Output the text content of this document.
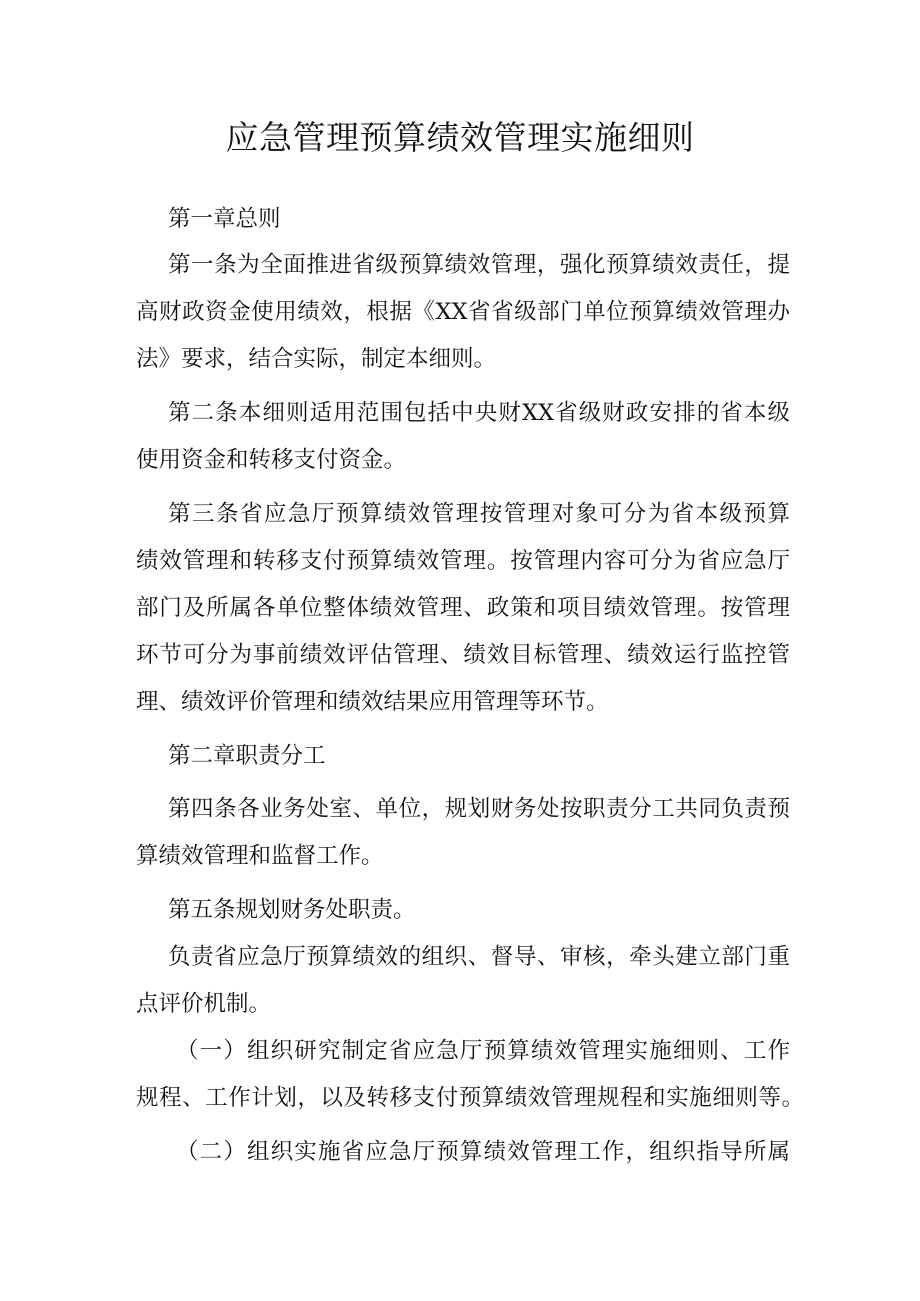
应急管理预算绩效管理实施细则
第一章总则
第一条为全面推进省级预算绩效管理，强化预算绩效责任，提
高财政资金使用绩效，根据《XX省省级部门单位预算绩效管理办
法》要求，结合实际，制定本细则。
第二条本细则适用范围包括中央财XX省级财政安排的省本级
使用资金和转移支付资金。
第三条省应急厅预算绩效管理按管理对象可分为省本级预算
绩效管理和转移支付预算绩效管理。按管理内容可分为省应急厅
部门及所属各单位整体绩效管理、政策和项目绩效管理。按管理
环节可分为事前绩效评估管理、绩效目标管理、绩效运行监控管
理、绩效评价管理和绩效结果应用管理等环节。
第二章职责分工
第四条各业务处室、单位，规划财务处按职责分工共同负责预
算绩效管理和监督工作。
第五条规划财务处职责。
负责省应急厅预算绩效的组织、督导、审核，牵头建立部门重
点评价机制。
（一）组织研究制定省应急厅预算绩效管理实施细则、工作
规程、工作计划，以及转移支付预算绩效管理规程和实施细则等。
（二）组织实施省应急厅预算绩效管理工作，组织指导所属
